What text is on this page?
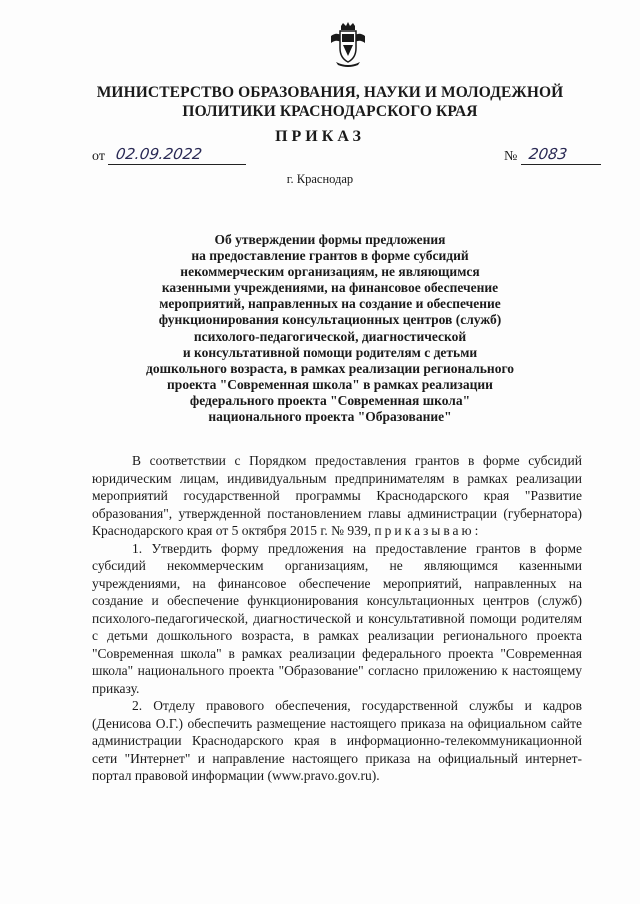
МИНИСТЕРСТВО ОБРАЗОВАНИЯ, НАУКИ И МОЛОДЕЖНОЙ
ПОЛИТИКИ КРАСНОДАРСКОГО КРАЯ
ПРИКАЗ
от 02.09.2022	№ 2083
г. Краснодар
Об утверждении формы предложения
на предоставление грантов в форме субсидий
некоммерческим организациям, не являющимся
казенными учреждениями, на финансовое обеспечение
мероприятий, направленных на создание и обеспечение
функционирования консультационных центров (служб)
психолого-педагогической, диагностической
и консультативной помощи родителям с детьми
дошкольного возраста, в рамках реализации регионального
проекта "Современная школа" в рамках реализации
федерального проекта "Современная школа"
национального проекта "Образование"

В соответствии с Порядком предоставления грантов в форме субсидий юридическим лицам, индивидуальным предпринимателям в рамках реализации мероприятий государственной программы Краснодарского края "Развитие образования", утвержденной постановлением главы администрации (губернатора) Краснодарского края от 5 октября 2015 г. № 939, приказываю:

1. Утвердить форму предложения на предоставление грантов в форме субсидий некоммерческим организациям, не являющимся казенными учреждениями, на финансовое обеспечение мероприятий, направленных на создание и обеспечение функционирования консультационных центров (служб) психолого-педагогической, диагностической и консультативной помощи родителям с детьми дошкольного возраста, в рамках реализации регионального проекта "Современная школа" в рамках реализации федерального проекта "Современная школа" национального проекта "Образование" согласно приложению к настоящему приказу.

2. Отделу правового обеспечения, государственной службы и кадров (Денисова О.Г.) обеспечить размещение настоящего приказа на официальном сайте администрации Краснодарского края в информационно-телекоммуникационной сети "Интернет" и направление настоящего приказа на официальный интернет-портал правовой информации (www.pravo.gov.ru).
